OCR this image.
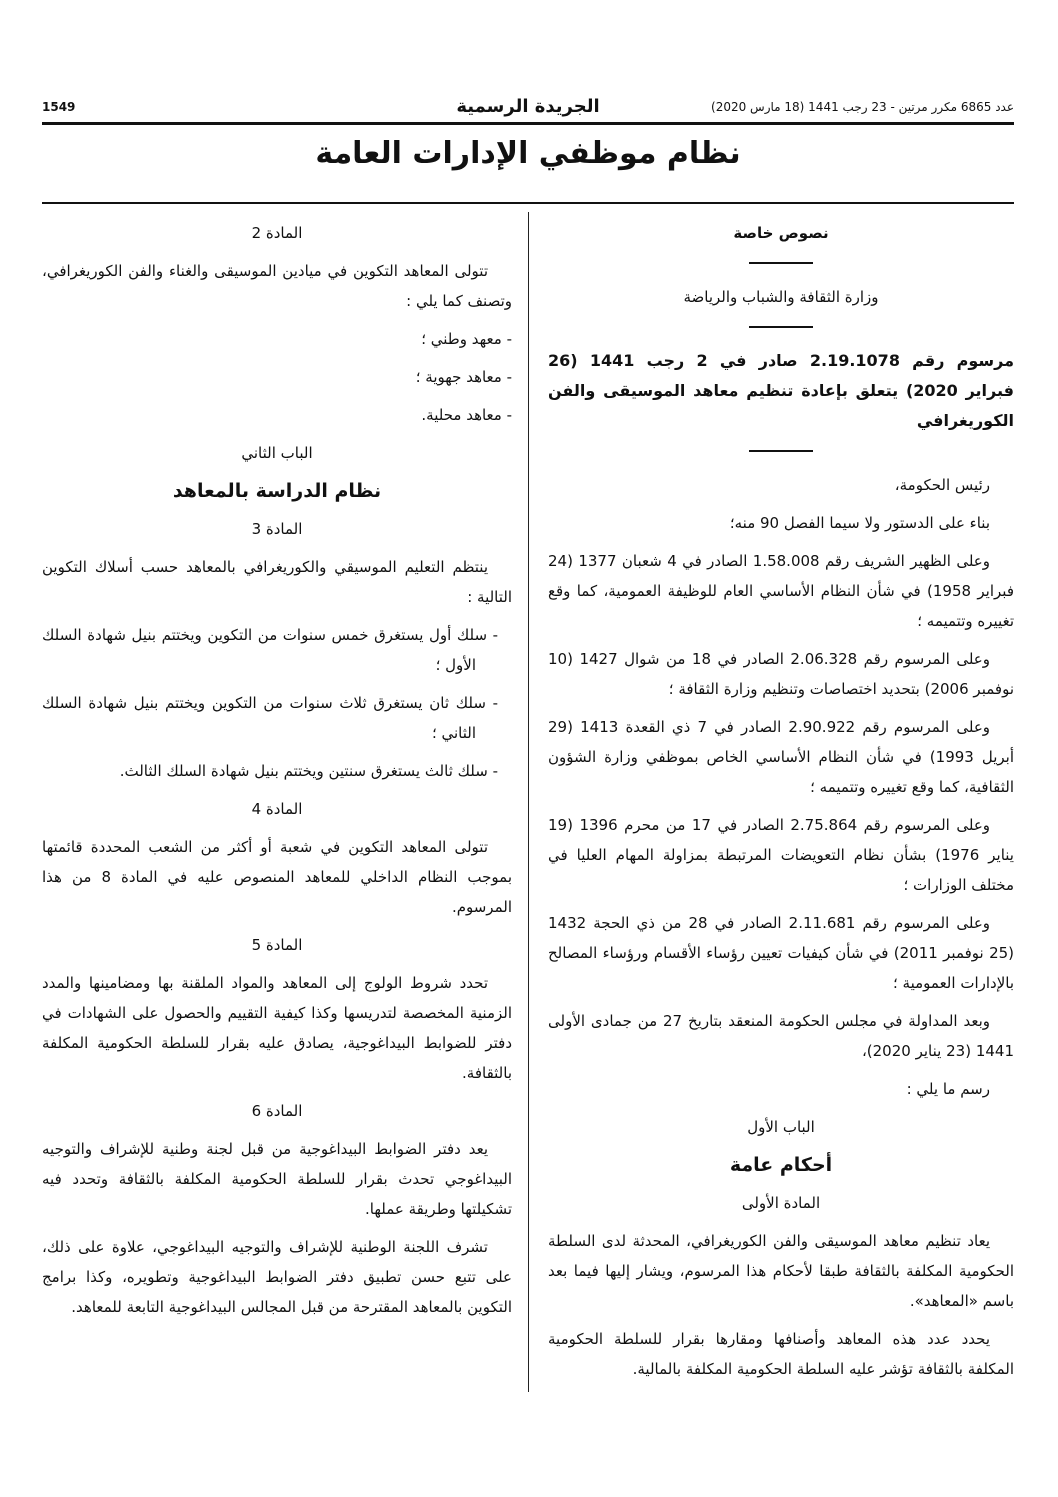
1549	الجريدة الرسمية	عدد 6865 مكرر مرتين - 23 رجب 1441 (18 مارس 2020)
نظام موظفي الإدارات العامة
نصوص خاصة
وزارة الثقافة والشباب والرياضة

مرسوم رقم 2.19.1078 صادر في 2 رجب 1441 (26 فبراير 2020) يتعلق بإعادة تنظيم معاهد الموسيقى والفن الكوريغرافي

رئيس الحكومة،

بناء على الدستور ولا سيما الفصل 90 منه؛

وعلى الظهير الشريف رقم 1.58.008 الصادر في 4 شعبان 1377 (24 فبراير 1958) في شأن النظام الأساسي العام للوظيفة العمومية، كما وقع تغييره وتتميمه ؛

وعلى المرسوم رقم 2.06.328 الصادر في 18 من شوال 1427 (10 نوفمبر 2006) بتحديد اختصاصات وتنظيم وزارة الثقافة ؛

وعلى المرسوم رقم 2.90.922 الصادر في 7 ذي القعدة 1413 (29 أبريل 1993) في شأن النظام الأساسي الخاص بموظفي وزارة الشؤون الثقافية، كما وقع تغييره وتتميمه ؛

وعلى المرسوم رقم 2.75.864 الصادر في 17 من محرم 1396 (19 يناير 1976) بشأن نظام التعويضات المرتبطة بمزاولة المهام العليا في مختلف الوزارات ؛

وعلى المرسوم رقم 2.11.681 الصادر في 28 من ذي الحجة 1432 (25 نوفمبر 2011) في شأن كيفيات تعيين رؤساء الأقسام ورؤساء المصالح بالإدارات العمومية ؛

وبعد المداولة في مجلس الحكومة المنعقد بتاريخ 27 من جمادى الأولى 1441 (23 يناير 2020)،

رسم ما يلي :

الباب الأول
أحكام عامة
المادة الأولى

يعاد تنظيم معاهد الموسيقى والفن الكوريغرافي، المحدثة لدى السلطة الحكومية المكلفة بالثقافة طبقا لأحكام هذا المرسوم، ويشار إليها فيما بعد باسم «المعاهد».

يحدد عدد هذه المعاهد وأصنافها ومقارها بقرار للسلطة الحكومية المكلفة بالثقافة تؤشر عليه السلطة الحكومية المكلفة بالمالية.

المادة 2

تتولى المعاهد التكوين في ميادين الموسيقى والغناء والفن الكوريغرافي، وتصنف كما يلي :

- معهد وطني ؛

- معاهد جهوية ؛

- معاهد محلية.

الباب الثاني
نظام الدراسة بالمعاهد
المادة 3

ينتظم التعليم الموسيقي والكوريغرافي بالمعاهد حسب أسلاك التكوين التالية :

- سلك أول يستغرق خمس سنوات من التكوين ويختتم بنيل شهادة السلك الأول ؛

- سلك ثان يستغرق ثلاث سنوات من التكوين ويختتم بنيل شهادة السلك الثاني ؛

- سلك ثالث يستغرق سنتين ويختتم بنيل شهادة السلك الثالث.

المادة 4

تتولى المعاهد التكوين في شعبة أو أكثر من الشعب المحددة قائمتها بموجب النظام الداخلي للمعاهد المنصوص عليه في المادة 8 من هذا المرسوم.

المادة 5

تحدد شروط الولوج إلى المعاهد والمواد الملقنة بها ومضامينها والمدد الزمنية المخصصة لتدريسها وكذا كيفية التقييم والحصول على الشهادات في دفتر للضوابط البيداغوجية، يصادق عليه بقرار للسلطة الحكومية المكلفة بالثقافة.

المادة 6

يعد دفتر الضوابط البيداغوجية من قبل لجنة وطنية للإشراف والتوجيه البيداغوجي تحدث بقرار للسلطة الحكومية المكلفة بالثقافة وتحدد فيه تشكيلتها وطريقة عملها.

تشرف اللجنة الوطنية للإشراف والتوجيه البيداغوجي، علاوة على ذلك، على تتبع حسن تطبيق دفتر الضوابط البيداغوجية وتطويره، وكذا برامج التكوين بالمعاهد المقترحة من قبل المجالس البيداغوجية التابعة للمعاهد.
